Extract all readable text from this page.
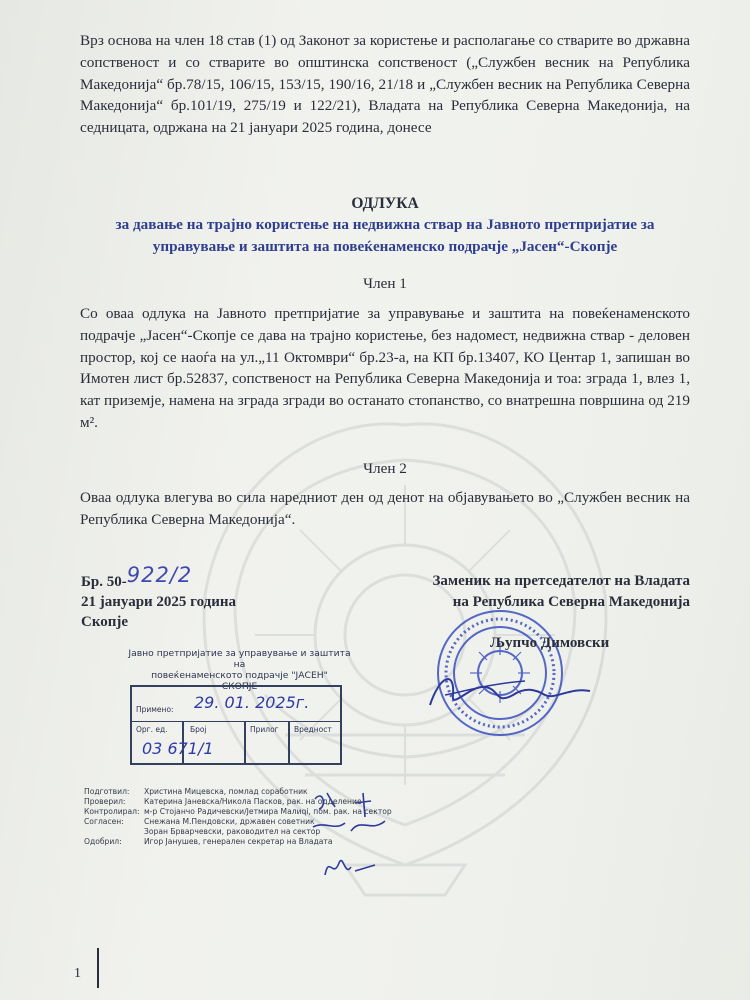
Врз основа на член 18 став (1) од Законот за користење и располагање со стварите во државна сопственост и со стварите во општинска сопственост („Службен весник на Република Македонија“ бр.78/15, 106/15, 153/15, 190/16, 21/18 и „Службен весник на Република Северна Македонија“ бр.101/19, 275/19 и 122/21), Владата на Република Северна Македонија, на седницата, одржана на 21 јануари 2025 година, донесе
ОДЛУКА
за давање на трајно користење на недвижна ствар на Јавното претпријатие за
управување и заштита на повеќенаменско подрачје „Јасен“-Скопје
Член 1
Со оваа одлука на Јавното претпријатие за управување и заштита на повеќенаменското подрачје „Јасен“-Скопје се дава на трајно користење, без надомест, недвижна ствар - деловен простор, кој се наоѓа на ул.„11 Октомври“ бр.23-а, на КП бр.13407, КО Центар 1, запишан во Имотен лист бр.52837, сопственост на Република Северна Македонија и тоа: зграда 1, влез 1, кат приземје, намена на зграда згради во останато стопанство, со внатрешна површина од 219 м².
Член 2
Оваа одлука влегува во сила наредниот ден од денот на објавувањето во „Службен весник на Република Северна Македонија“.
Бр. 50-922/2
21 јануари 2025 година
Скопје
Заменик на претседателот на Владата
на Република Северна Македонија
Љупчо Димовски
Јавно претпријатие за управување и заштита на
повеќенаменското подрачје "ЈАСЕН"
СКОПЈЕ
Примено: 29. 01. 2025г.
Орг. ед.	Број	Прилог Вредност
03 671/1
Подготвил: Христина Мицевска, помлад соработник
Проверил: Катерина Јаневска/Никола Пасков, рак. на одделение
Контролирал: м-р Стојанчо Радичевски/Јетмира Малиqi, пом. рак. на сектор
Согласен:	Снежана М.Пендовски, државен советник
Зоран Брварчевски, раководител на сектор
Одобрил:	Игор Јанушев, генерален секретар на Владата
1
